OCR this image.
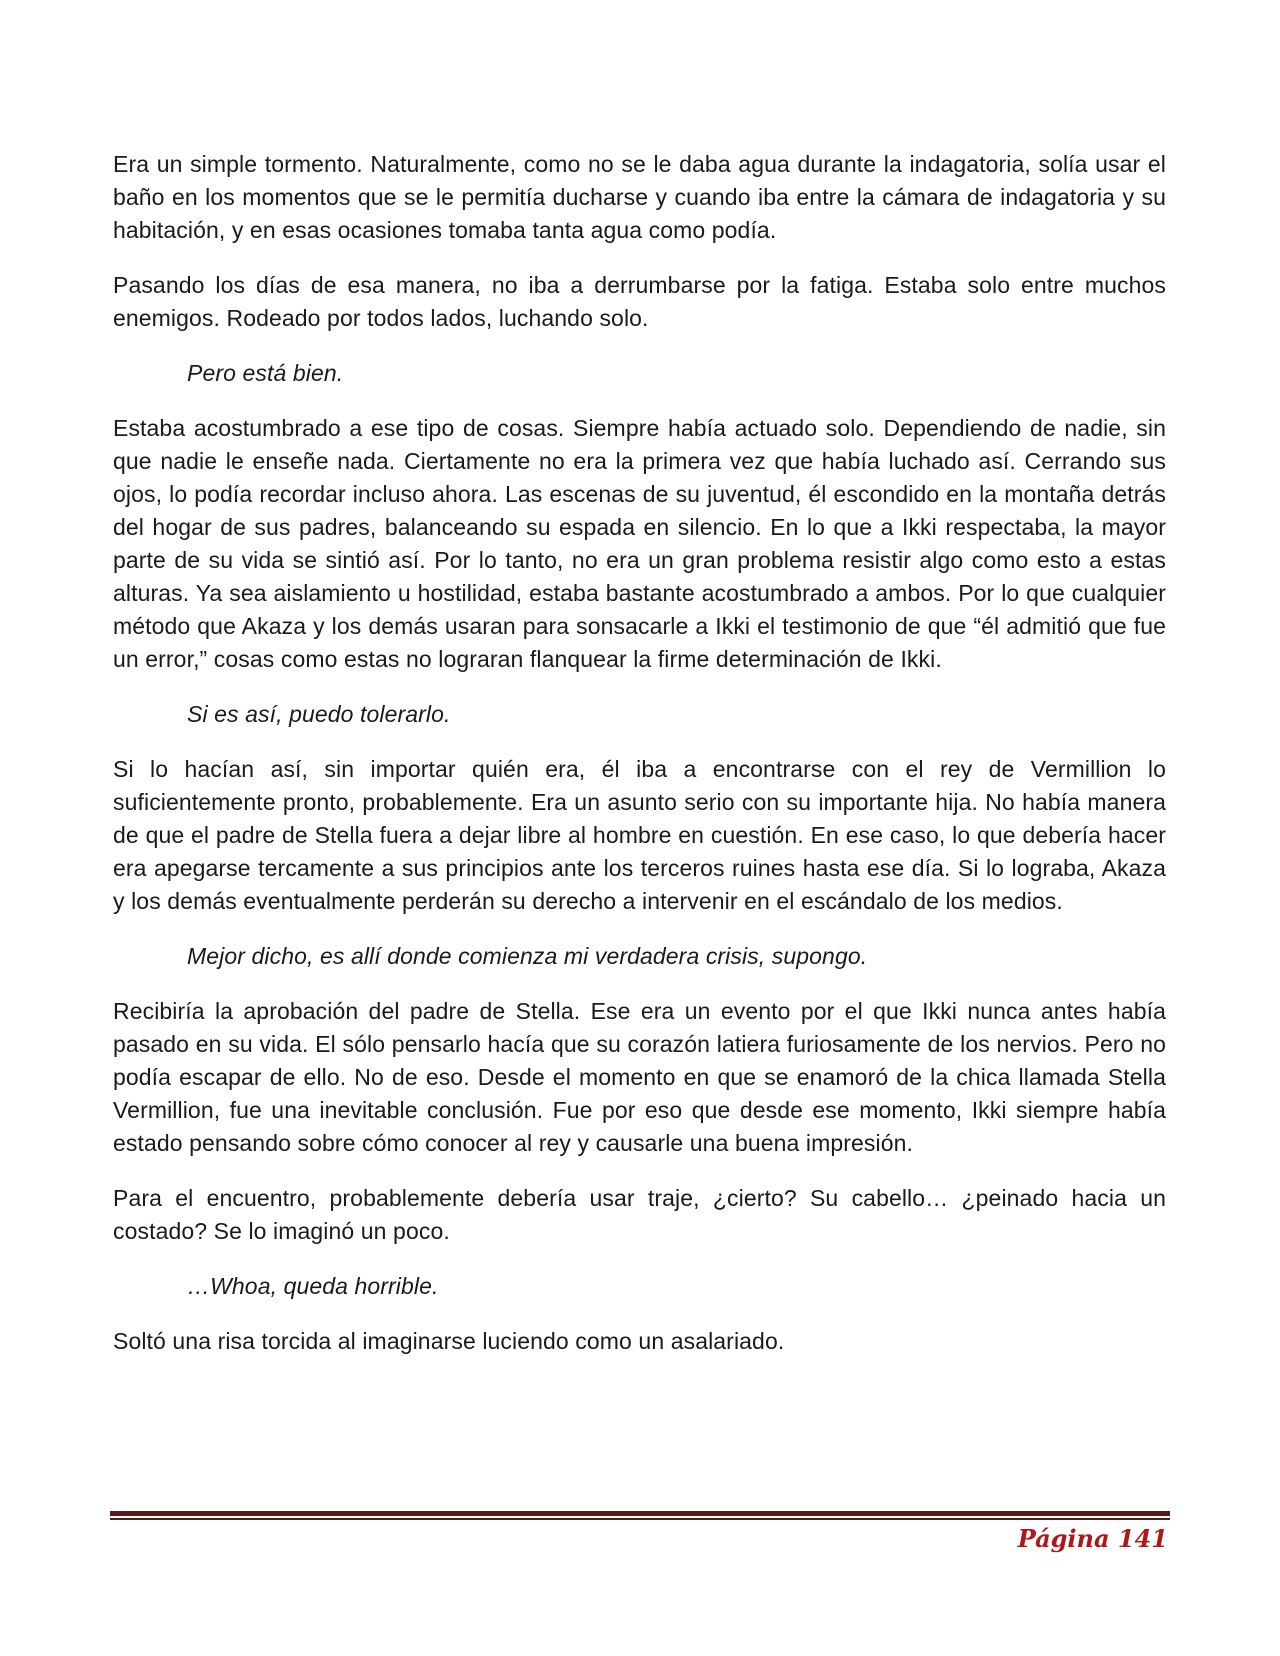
Era un simple tormento. Naturalmente, como no se le daba agua durante la indagatoria, solía usar el baño en los momentos que se le permitía ducharse y cuando iba entre la cámara de indagatoria y su habitación, y en esas ocasiones tomaba tanta agua como podía.

Pasando los días de esa manera, no iba a derrumbarse por la fatiga. Estaba solo entre muchos enemigos. Rodeado por todos lados, luchando solo.

Pero está bien.

Estaba acostumbrado a ese tipo de cosas. Siempre había actuado solo. Dependiendo de nadie, sin que nadie le enseñe nada. Ciertamente no era la primera vez que había luchado así. Cerrando sus ojos, lo podía recordar incluso ahora. Las escenas de su juventud, él escondido en la montaña detrás del hogar de sus padres, balanceando su espada en silencio. En lo que a Ikki respectaba, la mayor parte de su vida se sintió así. Por lo tanto, no era un gran problema resistir algo como esto a estas alturas. Ya sea aislamiento u hostilidad, estaba bastante acostumbrado a ambos. Por lo que cualquier método que Akaza y los demás usaran para sonsacarle a Ikki el testimonio de que “él admitió que fue un error,” cosas como estas no lograran flanquear la firme determinación de Ikki.

Si es así, puedo tolerarlo.

Si lo hacían así, sin importar quién era, él iba a encontrarse con el rey de Vermillion lo suficientemente pronto, probablemente. Era un asunto serio con su importante hija. No había manera de que el padre de Stella fuera a dejar libre al hombre en cuestión. En ese caso, lo que debería hacer era apegarse tercamente a sus principios ante los terceros ruines hasta ese día. Si lo lograba, Akaza y los demás eventualmente perderán su derecho a intervenir en el escándalo de los medios.

Mejor dicho, es allí donde comienza mi verdadera crisis, supongo.

Recibiría la aprobación del padre de Stella. Ese era un evento por el que Ikki nunca antes había pasado en su vida. El sólo pensarlo hacía que su corazón latiera furiosamente de los nervios. Pero no podía escapar de ello. No de eso. Desde el momento en que se enamoró de la chica llamada Stella Vermillion, fue una inevitable conclusión. Fue por eso que desde ese momento, Ikki siempre había estado pensando sobre cómo conocer al rey y causarle una buena impresión.

Para el encuentro, probablemente debería usar traje, ¿cierto? Su cabello… ¿peinado hacia un costado? Se lo imaginó un poco.

…Whoa, queda horrible.

Soltó una risa torcida al imaginarse luciendo como un asalariado.

Página 141
